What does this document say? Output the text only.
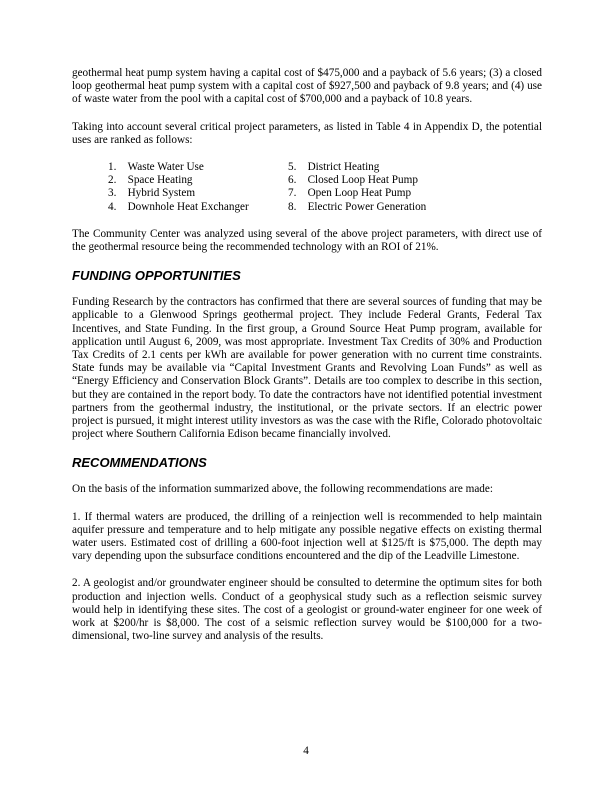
geothermal heat pump system having a capital cost of $475,000 and a payback of 5.6 years; (3) a closed loop geothermal heat pump system with a capital cost of $927,500 and payback of 9.8 years; and (4) use of waste water from the pool with a capital cost of $700,000 and a payback of 10.8 years.

Taking into account several critical project parameters, as listed in Table 4 in Appendix D, the potential uses are ranked as follows:

1.
	Waste Water Use
2.
	Space Heating
3.
	Hybrid System
4.
	Downhole Heat Exchanger
5.
	District Heating
6.
	Closed Loop Heat Pump
7.
	Open Loop Heat Pump
8.
	Electric Power Generation

The Community Center was analyzed using several of the above project parameters, with direct use of the geothermal resource being the recommended technology with an ROI of 21%.

FUNDING OPPORTUNITIES

Funding Research by the contractors has confirmed that there are several sources of funding that may be applicable to a Glenwood Springs geothermal project. They include Federal Grants, Federal Tax Incentives, and State Funding. In the first group, a Ground Source Heat Pump program, available for application until August 6, 2009, was most appropriate. Investment Tax Credits of 30% and Production Tax Credits of 2.1 cents per kWh are available for power generation with no current time constraints. State funds may be available via “Capital Investment Grants and Revolving Loan Funds” as well as “Energy Efficiency and Conservation Block Grants”. Details are too complex to describe in this section, but they are contained in the report body. To date the contractors have not identified potential investment partners from the geothermal industry, the institutional, or the private sectors. If an electric power project is pursued, it might interest utility investors as was the case with the Rifle, Colorado photovoltaic project where Southern California Edison became financially involved.

RECOMMENDATIONS

On the basis of the information summarized above, the following recommendations are made:

1. If thermal waters are produced, the drilling of a reinjection well is recommended to help maintain aquifer pressure and temperature and to help mitigate any possible negative effects on existing thermal water users. Estimated cost of drilling a 600-foot injection well at $125/ft is $75,000. The depth may vary depending upon the subsurface conditions encountered and the dip of the Leadville Limestone.

2. A geologist and/or groundwater engineer should be consulted to determine the optimum sites for both production and injection wells. Conduct of a geophysical study such as a reflection seismic survey would help in identifying these sites. The cost of a geologist or ground-water engineer for one week of work at $200/hr is $8,000. The cost of a seismic reflection survey would be $100,000 for a two-dimensional, two-line survey and analysis of the results.

4
